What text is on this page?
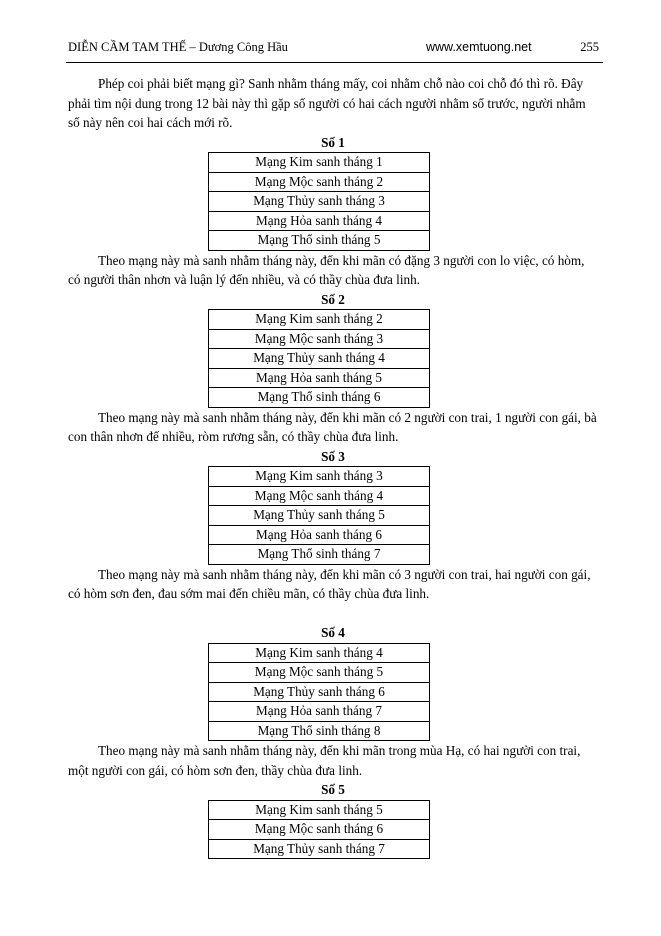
DIỄN CẦM TAM THẾ – Dương Công Hầu	www.xemtuong.net	255

Phép coi phải biết mạng gì? Sanh nhằm tháng mấy, coi nhằm chỗ nào coi chỗ đó thì rõ. Đây phải tìm nội dung trong 12 bài này thì gặp số người có hai cách người nhằm số trước, người nhằm số này nên coi hai cách mới rõ.

Số 1

Mạng Kim sanh tháng 1
Mạng Mộc sanh tháng 2
Mạng Thủy sanh tháng 3
Mạng Hỏa sanh tháng 4
Mạng Thổ sinh tháng 5

Theo mạng này mà sanh nhằm tháng này, đến khi mãn có đặng 3 người con lo việc, có hòm, có người thân nhơn và luận lý đến nhiều, và có thầy chùa đưa linh.

Số 2

Mạng Kim sanh tháng 2
Mạng Mộc sanh tháng 3
Mạng Thủy sanh tháng 4
Mạng Hỏa sanh tháng 5
Mạng Thổ sinh tháng 6

Theo mạng này mà sanh nhằm tháng này, đến khi mãn có 2 người con trai, 1 người con gái, bà con thân nhơn đế nhiều, ròm rương sẵn, có thầy chùa đưa linh.

Số 3

Mạng Kim sanh tháng 3
Mạng Mộc sanh tháng 4
Mạng Thủy sanh tháng 5
Mạng Hỏa sanh tháng 6
Mạng Thổ sinh tháng 7

Theo mạng này mà sanh nhằm tháng này, đến khi mãn có 3 người con trai, hai người con gái, có hòm sơn đen, đau sớm mai đến chiều mãn, có thầy chùa đưa linh.

Số 4

Mạng Kim sanh tháng 4
Mạng Mộc sanh tháng 5
Mạng Thủy sanh tháng 6
Mạng Hỏa sanh tháng 7
Mạng Thổ sinh tháng 8

Theo mạng này mà sanh nhằm tháng này, đến khi mãn trong mùa Hạ, có hai người con trai, một người con gái, có hòm sơn đen, thầy chùa đưa linh.

Số 5

Mạng Kim sanh tháng 5
Mạng Mộc sanh tháng 6
Mạng Thủy sanh tháng 7
